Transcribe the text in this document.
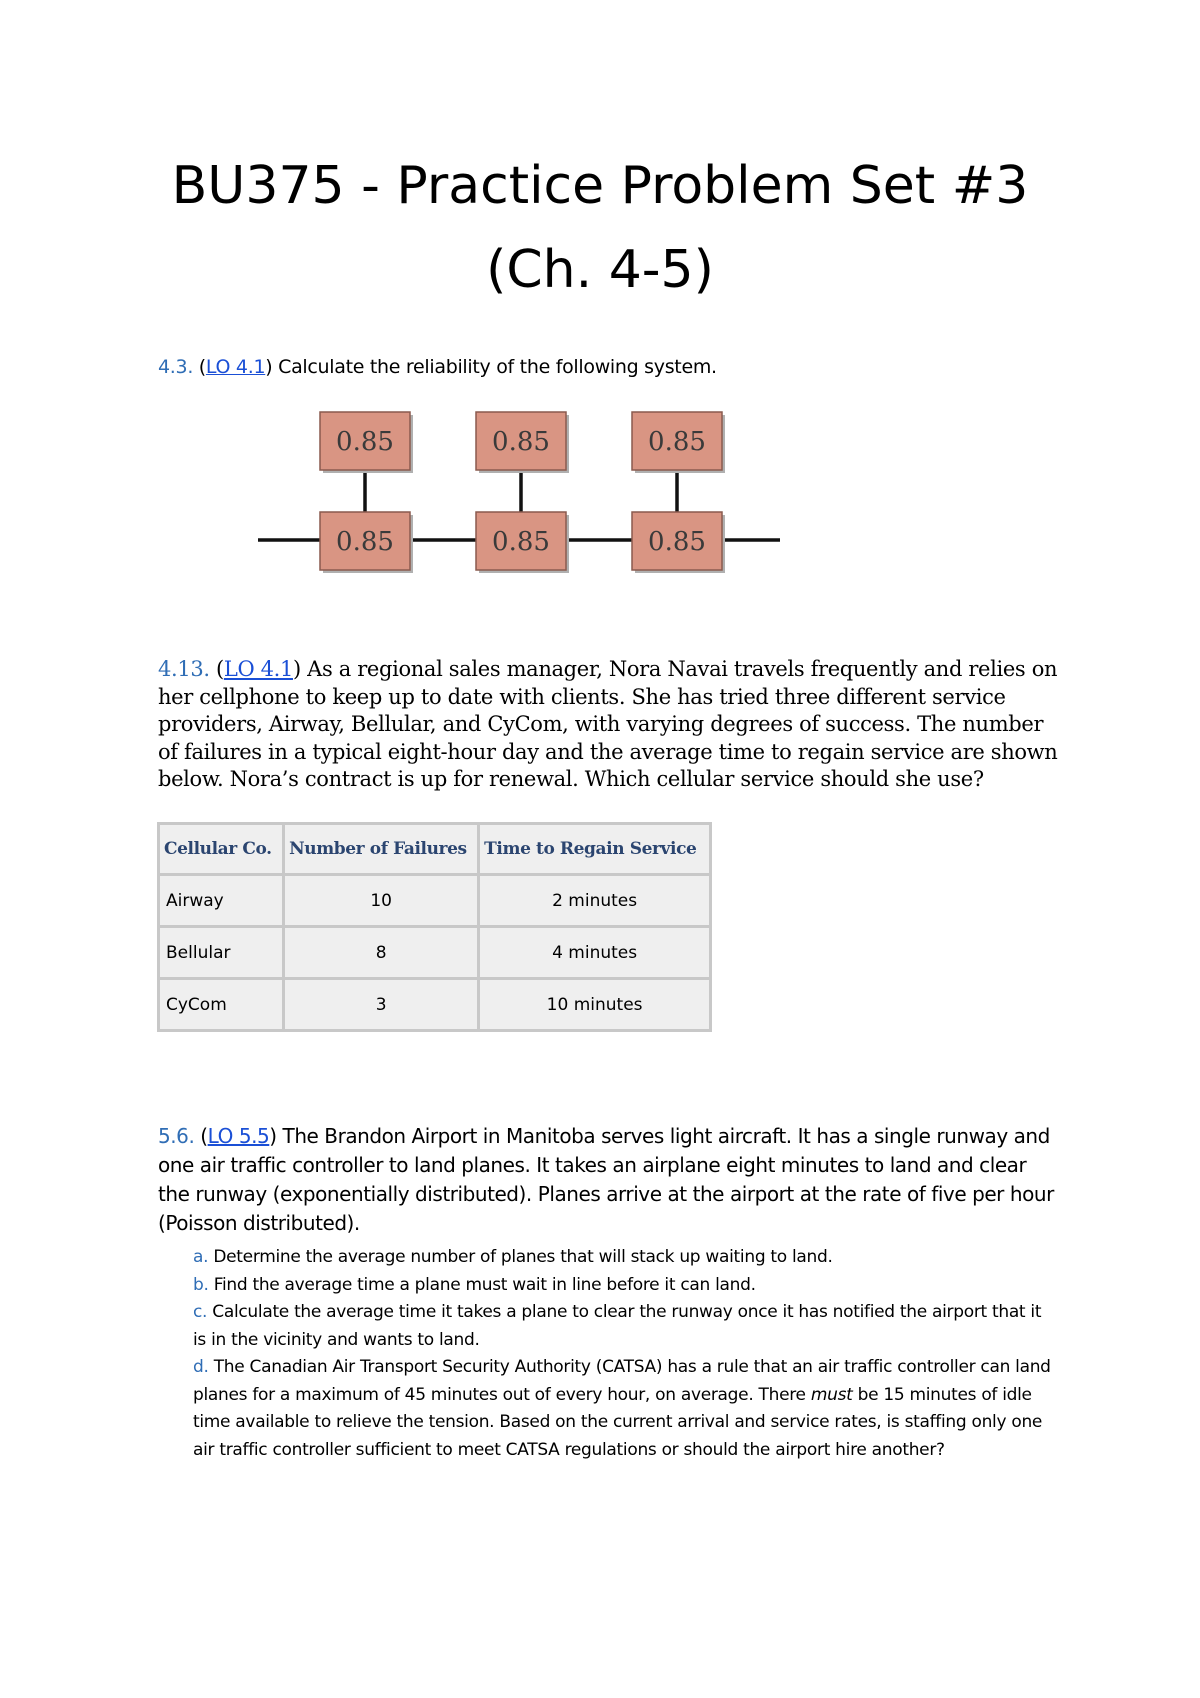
BU375 - Practice Problem Set #3
(Ch. 4-5)
4.3. (LO 4.1) Calculate the reliability of the following system.
0.85	0.85	0.85
0.85	0.85	0.85

4.13. (LO 4.1) As a regional sales manager, Nora Navai travels frequently and relies on her cellphone to keep up to date with clients. She has tried three different service providers, Airway, Bellular, and CyCom, with varying degrees of success. The number of failures in a typical eight-hour day and the average time to regain service are shown below. Nora’s contract is up for renewal. Which cellular service should she use?

Cellular Co.	Number of Failures	Time to Regain Service
Airway	10	2 minutes
Bellular	8	4 minutes
CyCom	3	10 minutes

5.6. (LO 5.5) The Brandon Airport in Manitoba serves light aircraft. It has a single runway and one air traffic controller to land planes. It takes an airplane eight minutes to land and clear the runway (exponentially distributed). Planes arrive at the airport at the rate of five per hour (Poisson distributed).

a. Determine the average number of planes that will stack up waiting to land.
b. Find the average time a plane must wait in line before it can land.
c. Calculate the average time it takes a plane to clear the runway once it has notified the airport that it is in the vicinity and wants to land.
d. The Canadian Air Transport Security Authority (CATSA) has a rule that an air traffic controller can land planes for a maximum of 45 minutes out of every hour, on average. There must be 15 minutes of idle time available to relieve the tension. Based on the current arrival and service rates, is staffing only one air traffic controller sufficient to meet CATSA regulations or should the airport hire another?
